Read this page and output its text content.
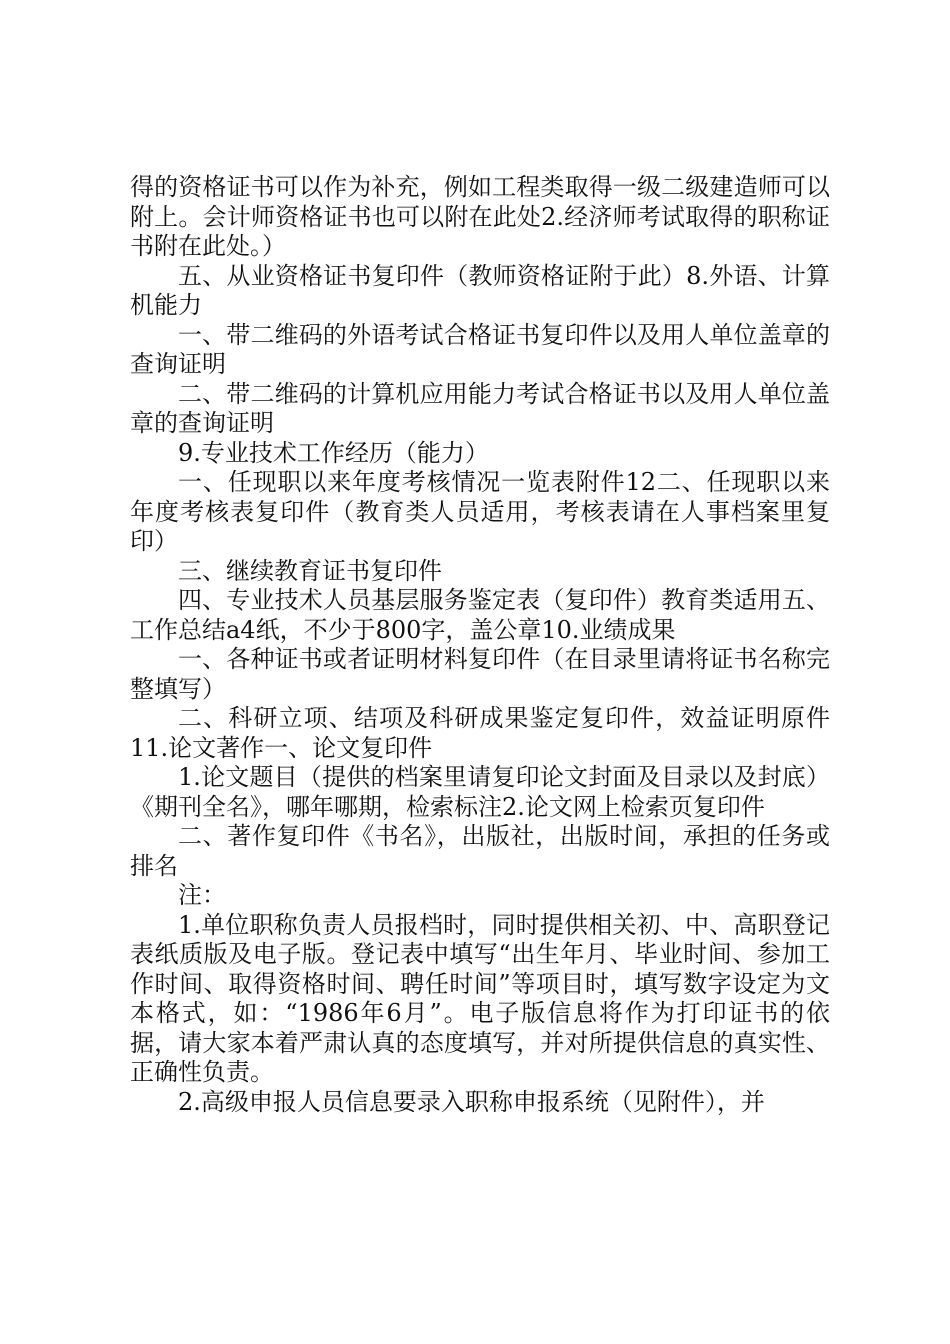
得的资格证书可以作为补充，例如工程类取得一级二级建造师可以附上。会计师资格证书也可以附在此处2.经济师考试取得的职称证书附在此处。）

五、从业资格证书复印件（教师资格证附于此）8.外语、计算机能力

一、带二维码的外语考试合格证书复印件以及用人单位盖章的查询证明

二、带二维码的计算机应用能力考试合格证书以及用人单位盖章的查询证明

9.专业技术工作经历（能力）

一、任现职以来年度考核情况一览表附件12二、任现职以来年度考核表复印件（教育类人员适用，考核表请在人事档案里复印）

三、继续教育证书复印件

四、专业技术人员基层服务鉴定表（复印件）教育类适用五、工作总结a4纸，不少于800字，盖公章10.业绩成果

一、各种证书或者证明材料复印件（在目录里请将证书名称完整填写）

二、科研立项、结项及科研成果鉴定复印件，效益证明原件11.论文著作一、论文复印件

1.论文题目（提供的档案里请复印论文封面及目录以及封底）《期刊全名》，哪年哪期，检索标注2.论文网上检索页复印件

二、著作复印件《书名》，出版社，出版时间，承担的任务或排名

注：

1.单位职称负责人员报档时，同时提供相关初、中、高职登记表纸质版及电子版。登记表中填写“出生年月、毕业时间、参加工作时间、取得资格时间、聘任时间”等项目时，填写数字设定为文本格式，如：“1986年6月”。电子版信息将作为打印证书的依据，请大家本着严肃认真的态度填写，并对所提供信息的真实性、正确性负责。

2.高级申报人员信息要录入职称申报系统（见附件），并
